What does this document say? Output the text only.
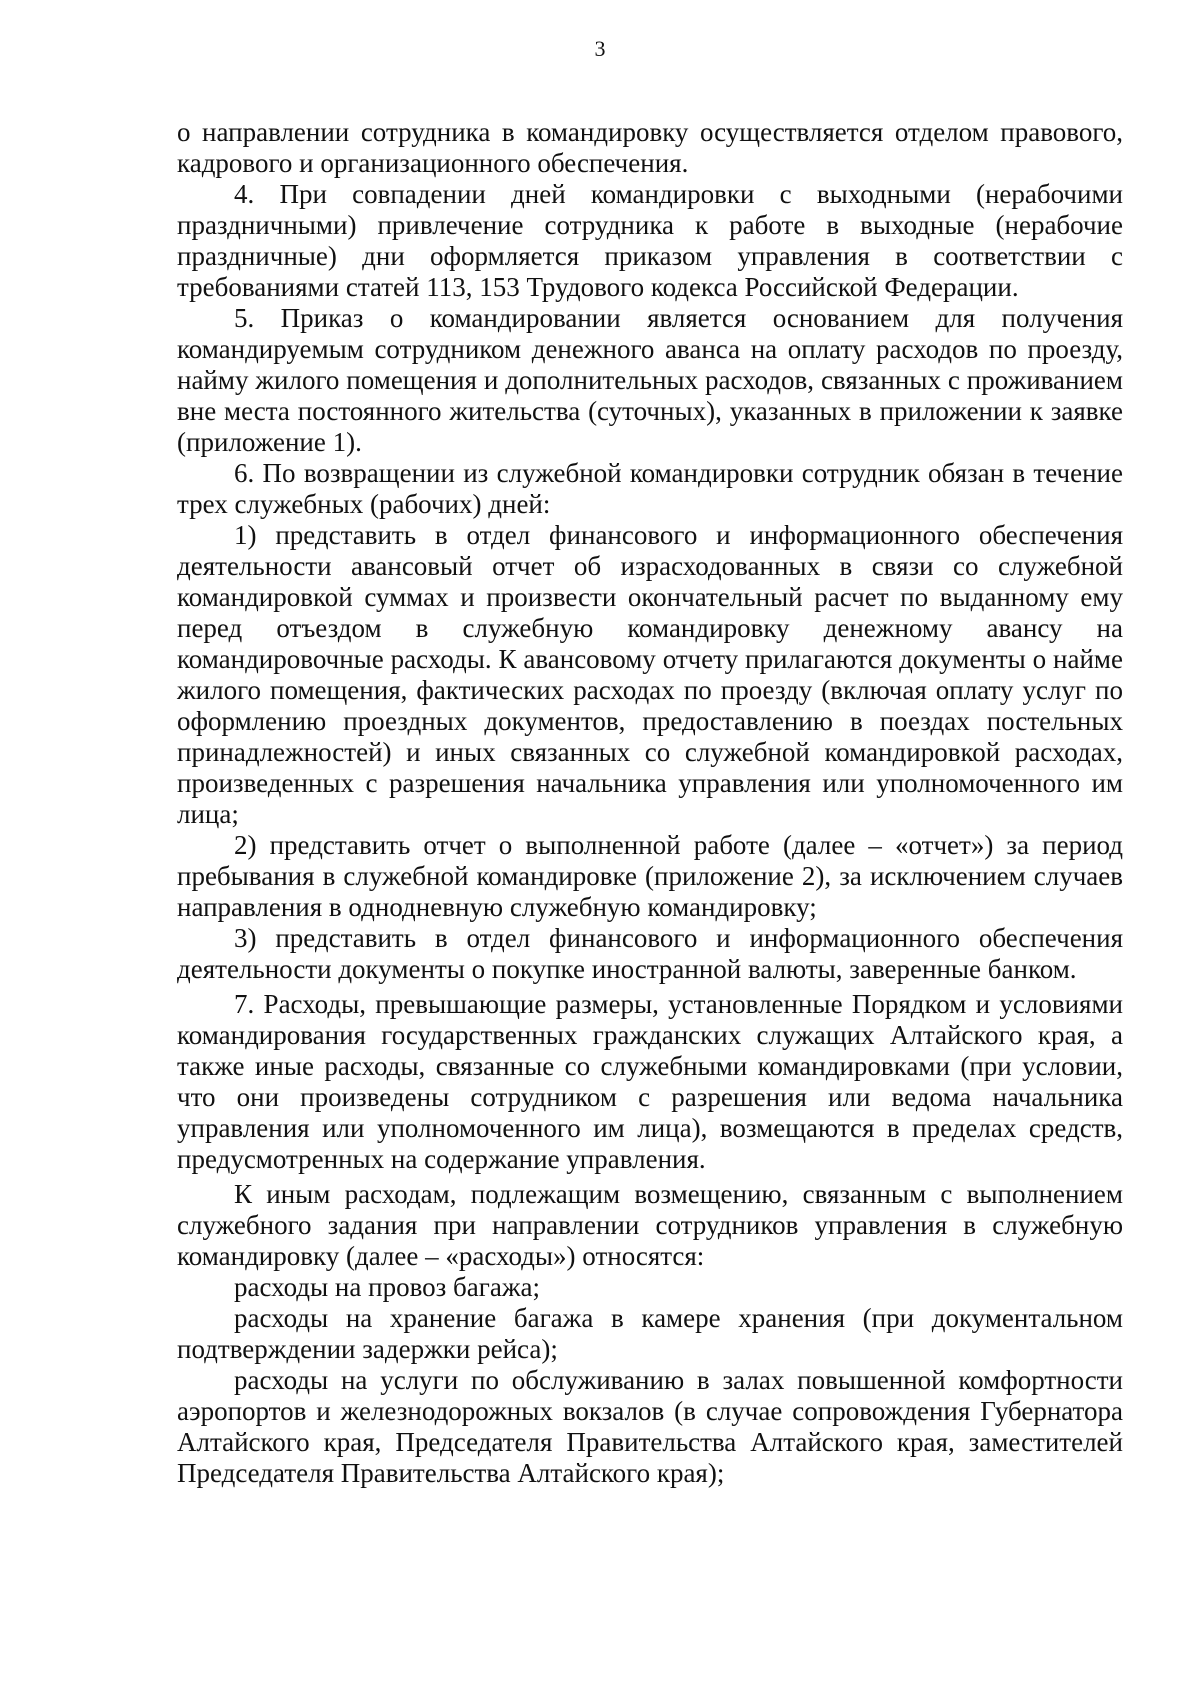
3

о направлении сотрудника в командировку осуществляется отделом правового, кадрового и организационного обеспечения.

4. При совпадении дней командировки с выходными (нерабочими праздничными) привлечение сотрудника к работе в выходные (нерабочие праздничные) дни оформляется приказом управления в соответствии с требованиями статей 113, 153 Трудового кодекса Российской Федерации.

5. Приказ о командировании является основанием для получения командируемым сотрудником денежного аванса на оплату расходов по проезду, найму жилого помещения и дополнительных расходов, связанных с проживанием вне места постоянного жительства (суточных), указанных в приложении к заявке (приложение 1).

6. По возвращении из служебной командировки сотрудник обязан в течение трех служебных (рабочих) дней:

1) представить в отдел финансового и информационного обеспечения деятельности авансовый отчет об израсходованных в связи со служебной командировкой суммах и произвести окончательный расчет по выданному ему перед отъездом в служебную командировку денежному авансу на командировочные расходы. К авансовому отчету прилагаются документы о найме жилого помещения, фактических расходах по проезду (включая оплату услуг по оформлению проездных документов, предоставлению в поездах постельных принадлежностей) и иных связанных со служебной командировкой расходах, произведенных с разрешения начальника управления или уполномоченного им лица;

2) представить отчет о выполненной работе (далее – «отчет») за период пребывания в служебной командировке (приложение 2), за исключением случаев направления в однодневную служебную командировку;

3) представить в отдел финансового и информационного обеспечения деятельности документы о покупке иностранной валюты, заверенные банком.

7. Расходы, превышающие размеры, установленные Порядком и условиями командирования государственных гражданских служащих Алтайского края, а также иные расходы, связанные со служебными командировками (при условии, что они произведены сотрудником с разрешения или ведома начальника управления или уполномоченного им лица), возмещаются в пределах средств, предусмотренных на содержание управления.

К иным расходам, подлежащим возмещению, связанным с выполнением служебного задания при направлении сотрудников управления в служебную командировку (далее – «расходы») относятся:

расходы на провоз багажа;

расходы на хранение багажа в камере хранения (при документальном подтверждении задержки рейса);

расходы на услуги по обслуживанию в залах повышенной комфортности аэропортов и железнодорожных вокзалов (в случае сопровождения Губернатора Алтайского края, Председателя Правительства Алтайского края, заместителей Председателя Правительства Алтайского края);
